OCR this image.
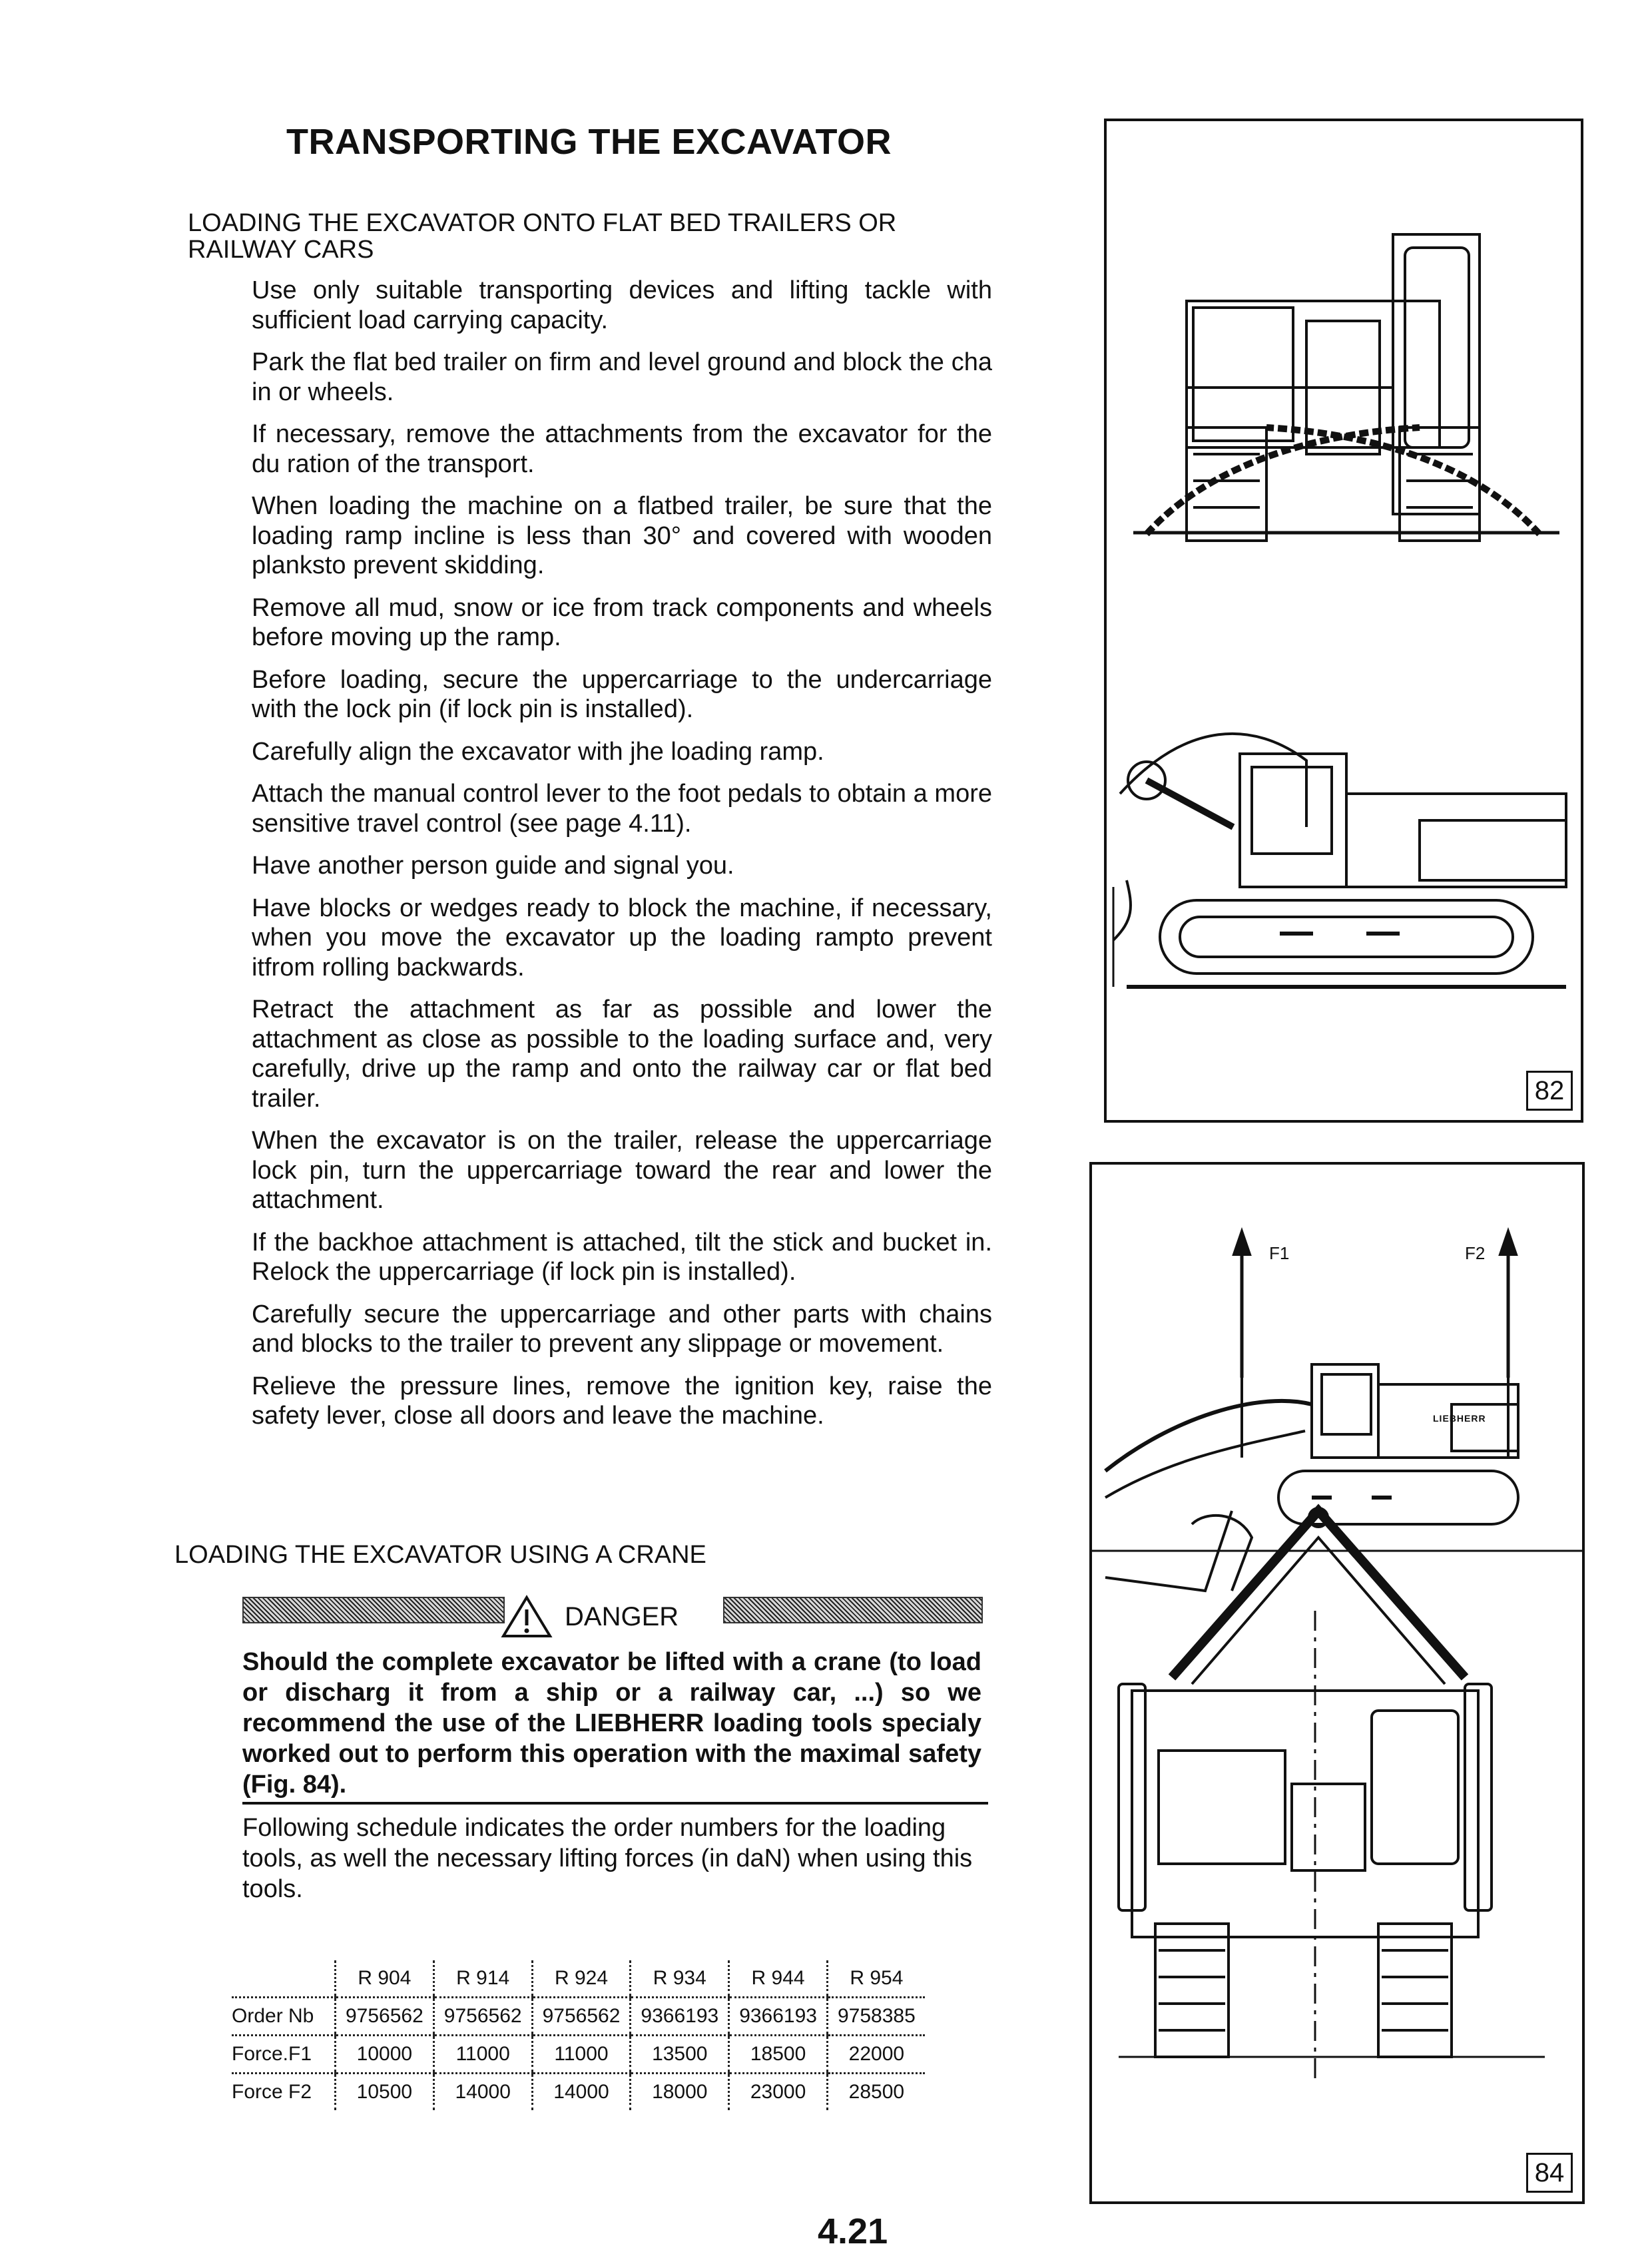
TRANSPORTING THE EXCAVATOR

LOADING THE EXCAVATOR ONTO FLAT BED TRAILERS OR

RAILWAY CARS

Use only suitable transporting devices and lifting tackle with sufficient load carrying capacity.

Park the flat bed trailer on firm and level ground and block the cha in or wheels.

If necessary, remove the attachments from the excavator for the du ration of the transport.

When loading the machine on a flatbed trailer, be sure that the loading ramp incline is less than 30° and covered with wooden planksto prevent skidding.

Remove all mud, snow or ice from track components and wheels before moving up the ramp.

Before loading, secure the uppercarriage to the undercarriage with the lock pin (if lock pin is installed).

Carefully align the excavator with jhe loading ramp.

Attach the manual control lever to the foot pedals to obtain a more sensitive travel control (see page 4.11).

Have another person guide and signal you.

Have blocks or wedges ready to block the machine, if necessary, when you move the excavator up the loading rampto prevent itfrom rolling backwards.

Retract the attachment as far as possible and lower the attachment as close as possible to the loading surface and, very carefully, drive up the ramp and onto the railway car or flat bed trailer.

When the excavator is on the trailer, release the uppercarriage lock pin, turn the uppercarriage toward the rear and lower the attachment.

If the backhoe attachment is attached, tilt the stick and bucket in. Relock the uppercarriage (if lock pin is installed).

Carefully secure the uppercarriage and other parts with chains and blocks to the trailer to prevent any slippage or movement.

Relieve the pressure lines, remove the ignition key, raise the safety lever, close all doors and leave the machine.

LOADING THE EXCAVATOR USING A CRANE

DANGER

Should the complete excavator be lifted with a crane (to load or discharg it from a ship or a railway car, ...) so we recommend the use of the LIEBHERR loading tools specialy worked out to perform this operation with the maximal safety (Fig. 84).

Following schedule indicates the order numbers for the loading tools, as well the necessary lifting forces (in daN) when using this tools.

	R 904	R 914	R 924	R 934	R 944	R 954
Order Nb	9756562	9756562	9756562	9366193	9366193	9758385
Force.F1	10000	11000	11000	13500	18500	22000
Force F2	10500	14000	14000	18000	23000	28500
4.21
82
F1	F2
LIEBHERR
84
